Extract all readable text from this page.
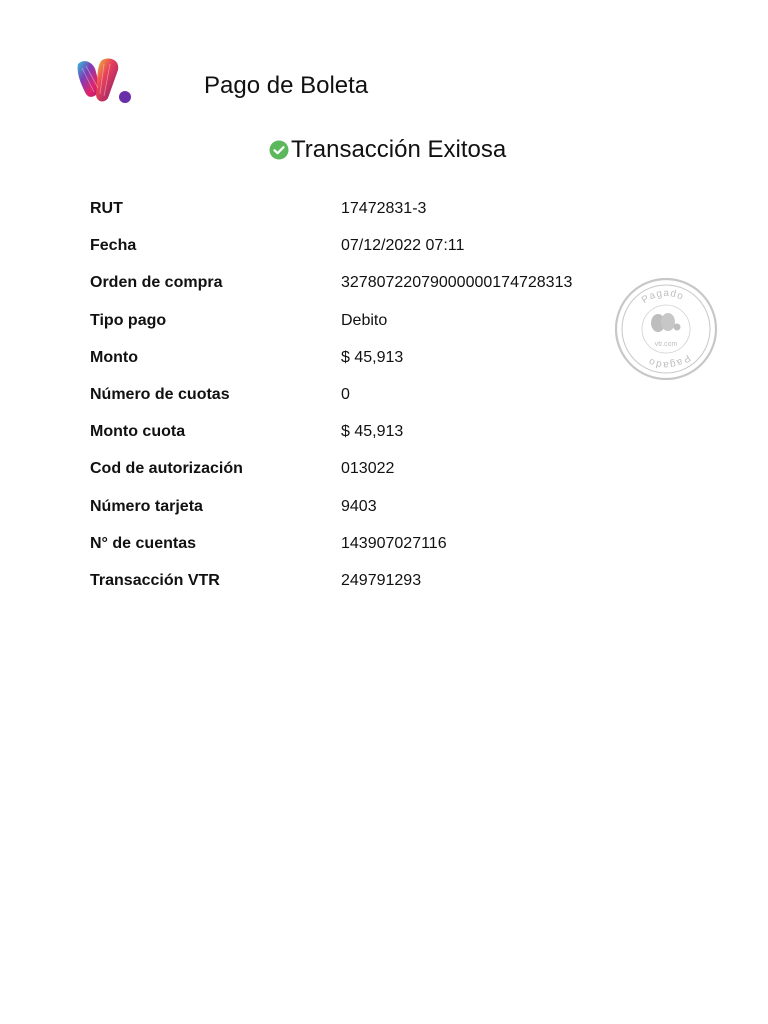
Pago de Boleta
Transacción Exitosa
RUT	17472831-3
Fecha	07/12/2022 07:11
Orden de compra	327807220790000001747283​13
Tipo pago	Debito
Monto	$ 45,913
Número de cuotas	0
Monto cuota	$ 45,913
Cod de autorización	013022
Número tarjeta	9403
N° de cuentas	143907027116
Transacción VTR	249791293
Pagado
Pagado
vtr.com
